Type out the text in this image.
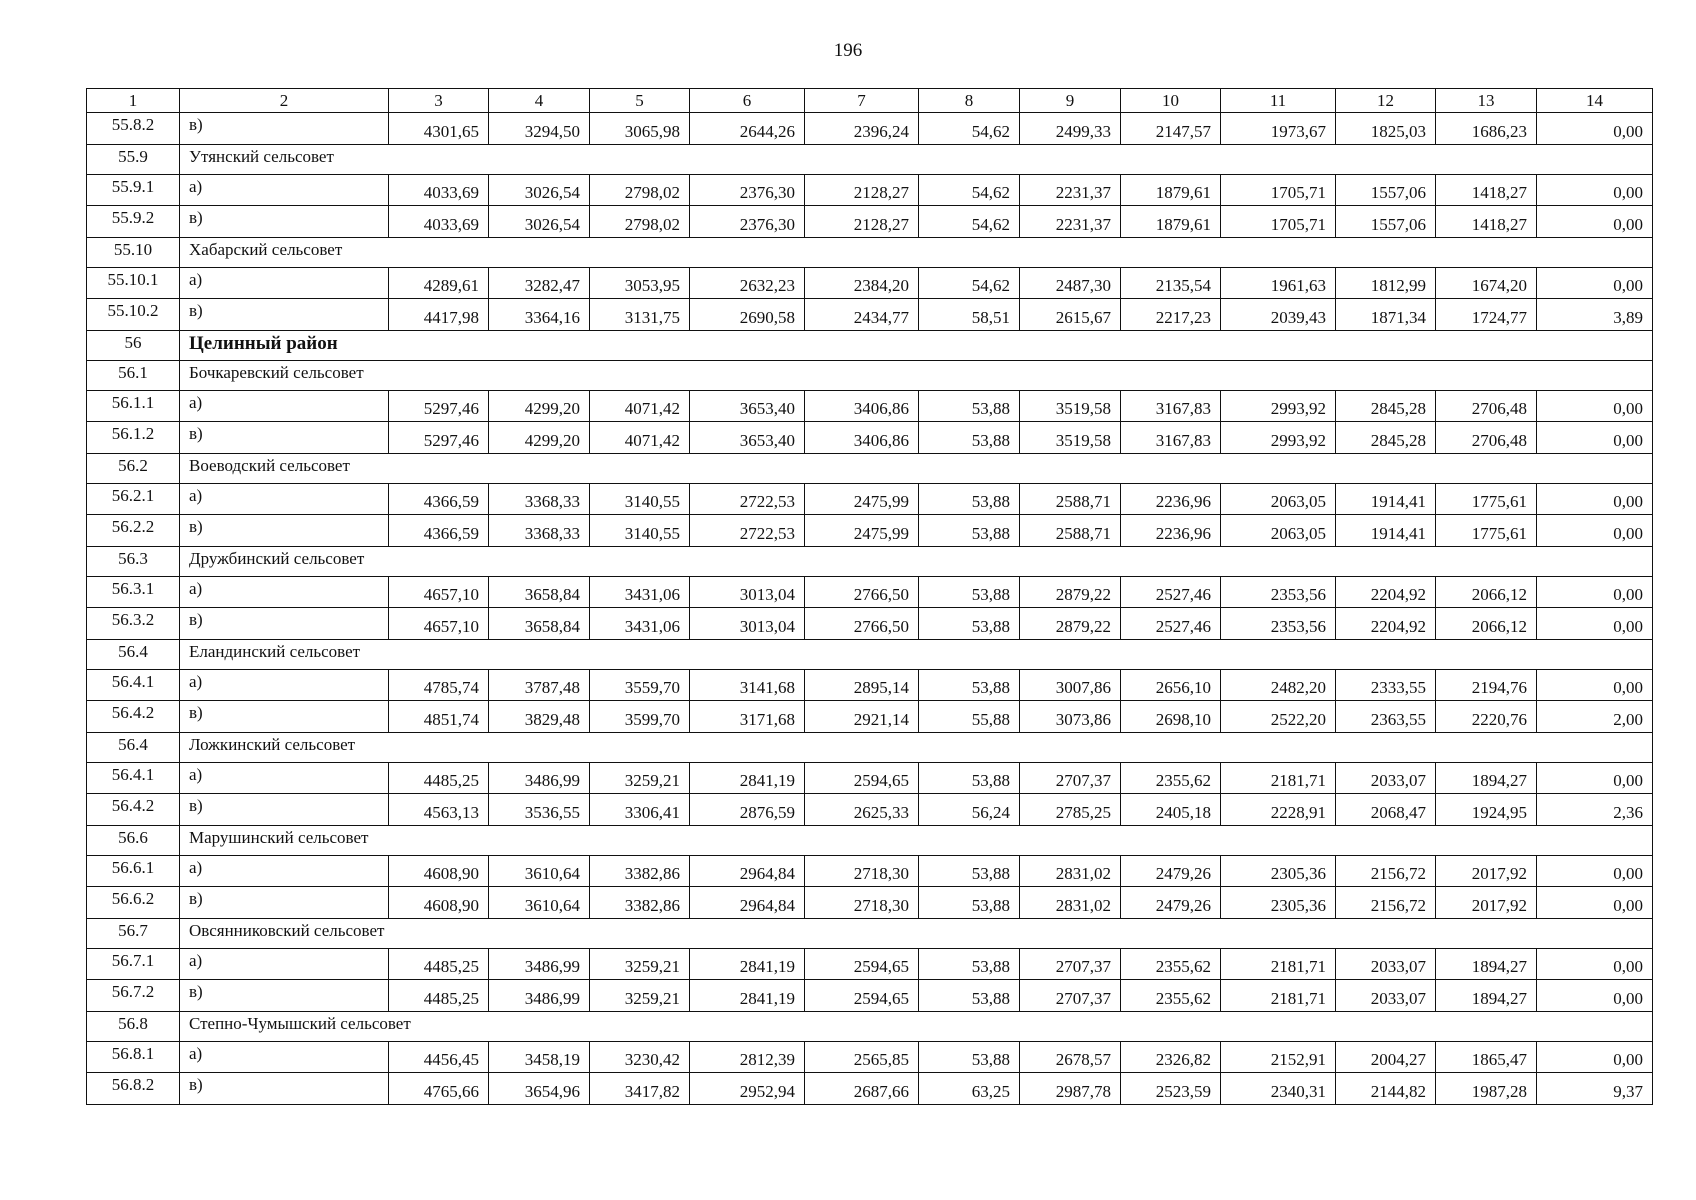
196
1	2	3	4	5	6	7	8	9	10	11	12	13	14
55.8.2	в)	4301,65	3294,50	3065,98	2644,26	2396,24	54,62	2499,33	2147,57	1973,67	1825,03	1686,23	0,00
55.9	Утянский сельсовет												
55.9.1	а)	4033,69	3026,54	2798,02	2376,30	2128,27	54,62	2231,37	1879,61	1705,71	1557,06	1418,27	0,00
55.9.2	в)	4033,69	3026,54	2798,02	2376,30	2128,27	54,62	2231,37	1879,61	1705,71	1557,06	1418,27	0,00
55.10	Хабарский сельсовет												
55.10.1	а)	4289,61	3282,47	3053,95	2632,23	2384,20	54,62	2487,30	2135,54	1961,63	1812,99	1674,20	0,00
55.10.2	в)	4417,98	3364,16	3131,75	2690,58	2434,77	58,51	2615,67	2217,23	2039,43	1871,34	1724,77	3,89
56	Целинный район												
56.1	Бочкаревский сельсовет												
56.1.1	а)	5297,46	4299,20	4071,42	3653,40	3406,86	53,88	3519,58	3167,83	2993,92	2845,28	2706,48	0,00
56.1.2	в)	5297,46	4299,20	4071,42	3653,40	3406,86	53,88	3519,58	3167,83	2993,92	2845,28	2706,48	0,00
56.2	Воеводский сельсовет												
56.2.1	а)	4366,59	3368,33	3140,55	2722,53	2475,99	53,88	2588,71	2236,96	2063,05	1914,41	1775,61	0,00
56.2.2	в)	4366,59	3368,33	3140,55	2722,53	2475,99	53,88	2588,71	2236,96	2063,05	1914,41	1775,61	0,00
56.3	Дружбинский сельсовет												
56.3.1	а)	4657,10	3658,84	3431,06	3013,04	2766,50	53,88	2879,22	2527,46	2353,56	2204,92	2066,12	0,00
56.3.2	в)	4657,10	3658,84	3431,06	3013,04	2766,50	53,88	2879,22	2527,46	2353,56	2204,92	2066,12	0,00
56.4	Еландинский сельсовет												
56.4.1	а)	4785,74	3787,48	3559,70	3141,68	2895,14	53,88	3007,86	2656,10	2482,20	2333,55	2194,76	0,00
56.4.2	в)	4851,74	3829,48	3599,70	3171,68	2921,14	55,88	3073,86	2698,10	2522,20	2363,55	2220,76	2,00
56.4	Ложкинский сельсовет												
56.4.1	а)	4485,25	3486,99	3259,21	2841,19	2594,65	53,88	2707,37	2355,62	2181,71	2033,07	1894,27	0,00
56.4.2	в)	4563,13	3536,55	3306,41	2876,59	2625,33	56,24	2785,25	2405,18	2228,91	2068,47	1924,95	2,36
56.6	Марушинский сельсовет												
56.6.1	а)	4608,90	3610,64	3382,86	2964,84	2718,30	53,88	2831,02	2479,26	2305,36	2156,72	2017,92	0,00
56.6.2	в)	4608,90	3610,64	3382,86	2964,84	2718,30	53,88	2831,02	2479,26	2305,36	2156,72	2017,92	0,00
56.7	Овсянниковский сельсовет												
56.7.1	а)	4485,25	3486,99	3259,21	2841,19	2594,65	53,88	2707,37	2355,62	2181,71	2033,07	1894,27	0,00
56.7.2	в)	4485,25	3486,99	3259,21	2841,19	2594,65	53,88	2707,37	2355,62	2181,71	2033,07	1894,27	0,00
56.8	Степно-Чумышский сельсовет												
56.8.1	а)	4456,45	3458,19	3230,42	2812,39	2565,85	53,88	2678,57	2326,82	2152,91	2004,27	1865,47	0,00
56.8.2	в)	4765,66	3654,96	3417,82	2952,94	2687,66	63,25	2987,78	2523,59	2340,31	2144,82	1987,28	9,37
